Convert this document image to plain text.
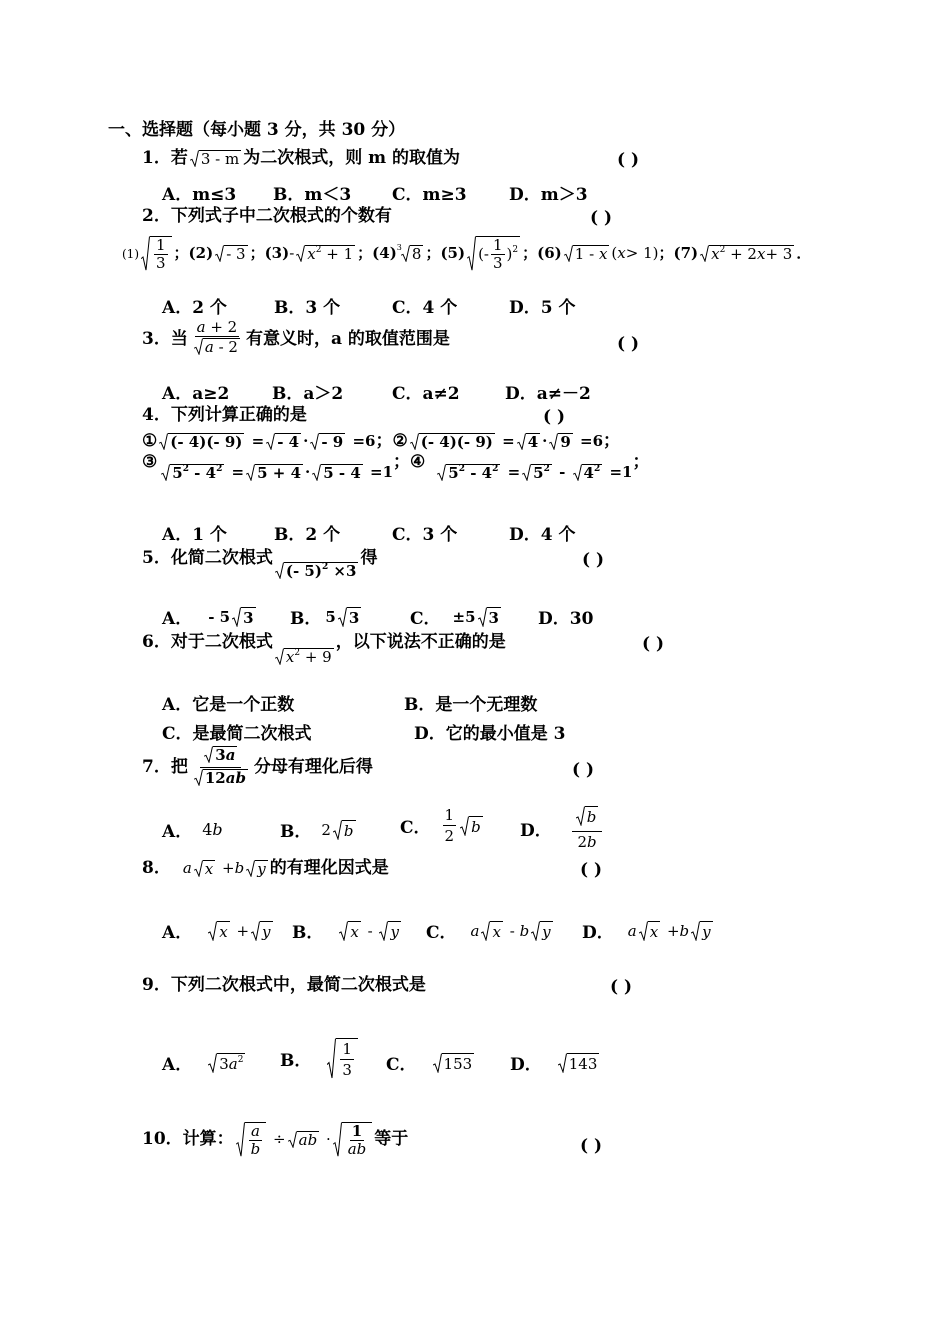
一、选择题（每小题 3 分，共 30 分）
1． 若 3 - m 为二次根式，则 m 的取值为	( )
A．m≤3 B．m＜3 C．m≥3 D．m＞3
2． 下列式子中二次根式的个数有	( )
$(1) \frac{1}{3}$ ；(2) - 3 ；(3) - x 2 + 1 ；(4) 3 8 ；(5) (- $\frac{1}{3}$ ) 2 ；(6) 1 - x ( x > 1) ；(7) x 2 + 2 x + 3 ．
A．2 个	B．3 个	C．4 个	D．5 个
3． 当 $\frac{a + 2}{a - 2}$ 有意义时，a 的取值范围是	( )
A．a≥2	B．a＞2	C．a≠2	D．a≠－2
4． 下列计算正确的是	( )
① (- 4)(- 9) = - 4 · - 9 =6 ； ② (- 4)(- 9) = 4 · 9 =6 ；
③
5 2 - 4 2 = 5 + 4 · 5 - 4 =1 ； ④
5 2 - 4 2 = 5 2 - 4 2 =1 ；
A．1 个	B．2 个	C．3 个	D．4 个
5． 化简二次根式
(- 5) 2 ×3
得	( )
A． - 5 3 B． 5 3	C． ±5 3 D．30
6． 对于二次根式
x 2 + 9
，以下说法不正确的是	( )
A．它是一个正数	B．是一个无理数
C．是最简二次根式	D．它的最小值是 3
7． 把 $\frac{3 a}{12 ab}$ 分母有理化后得	( )
A． 4 b	B． 2 b	C． $\frac{1}{2}$ b D． $\frac{b}{2b}$
8． a x + b y 的有理化因式是	( )
A． x + y B． x - y C． a x - b y D． a x + b y
9． 下列二次根式中，最简二次根式是	( )
A． 3 a 2 B． $\frac{1}{3}$ C． 153 D． 143
10． 计算： $\frac{a}{b}$ ÷ ab · $\frac{1}{ab}$ 等于	( )
